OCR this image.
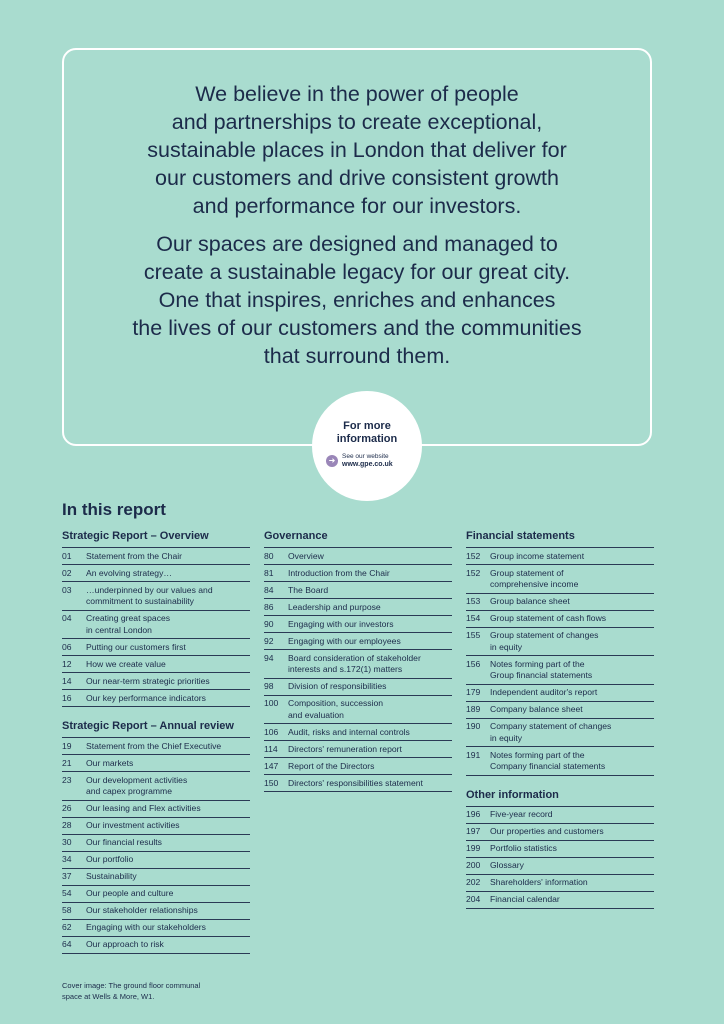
We believe in the power of people
and partnerships to create exceptional,
sustainable places in London that deliver for
our customers and drive consistent growth
and performance for our investors.

Our spaces are designed and managed to
create a sustainable legacy for our great city.
One that inspires, enriches and enhances
the lives of our customers and the communities
that surround them.

For more
information
➜	See our website
www.gpe.co.uk
In this report
Strategic Report – Overview
01	Statement from the Chair
02	An evolving strategy…
03	…underpinned by our values and
commitment to sustainability
04	Creating great spaces
in central London
06	Putting our customers first
12	How we create value
14	Our near-term strategic priorities
16	Our key performance indicators
Strategic Report – Annual review
19	Statement from the Chief Executive
21	Our markets
23	Our development activities
and capex programme
26	Our leasing and Flex activities
28	Our investment activities
30	Our financial results
34	Our portfolio
37	Sustainability
54	Our people and culture
58	Our stakeholder relationships
62	Engaging with our stakeholders
64	Our approach to risk
Governance
80	Overview
81	Introduction from the Chair
84	The Board
86	Leadership and purpose
90	Engaging with our investors
92	Engaging with our employees
94	Board consideration of stakeholder
interests and s.172(1) matters
98	Division of responsibilities
100	Composition, succession
and evaluation
106	Audit, risks and internal controls
114	Directors' remuneration report
147	Report of the Directors
150	Directors' responsibilities statement
Financial statements
152	Group income statement
152	Group statement of
comprehensive income
153	Group balance sheet
154	Group statement of cash flows
155	Group statement of changes
in equity
156	Notes forming part of the
Group financial statements
179	Independent auditor's report
189	Company balance sheet
190	Company statement of changes
in equity
191	Notes forming part of the
Company financial statements
Other information
196	Five-year record
197	Our properties and customers
199	Portfolio statistics
200	Glossary
202	Shareholders' information
204	Financial calendar
Cover image: The ground floor communal
space at Wells & More, W1.
